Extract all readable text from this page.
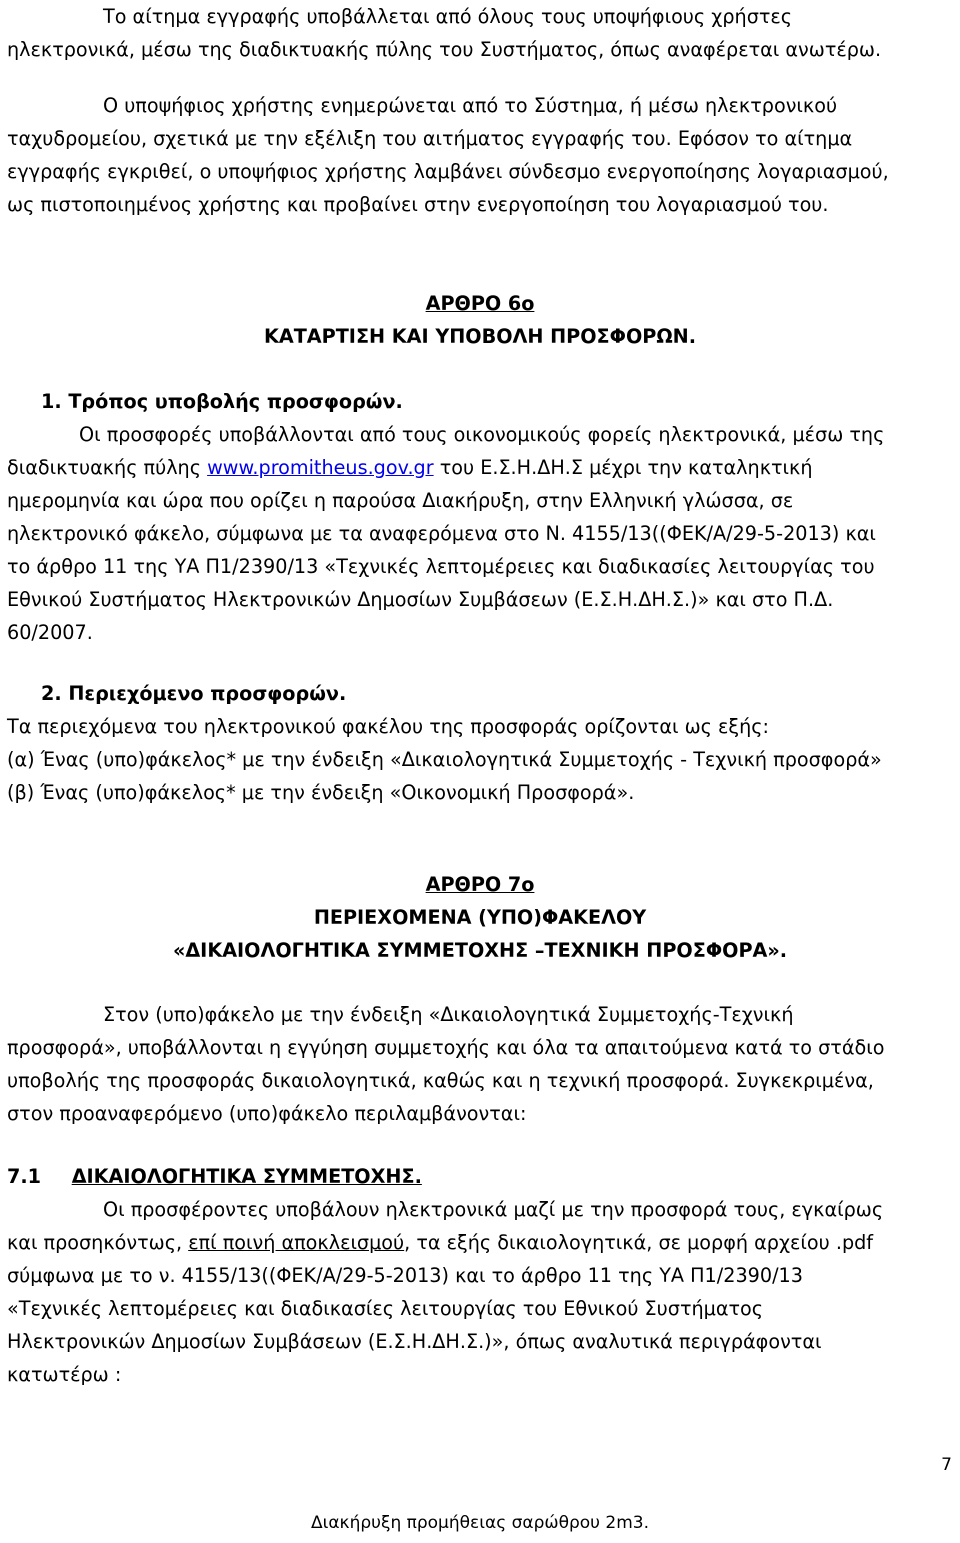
Το αίτημα εγγραφής υποβάλλεται από όλους τους υποψήφιους χρήστες

ηλεκτρονικά, μέσω της διαδικτυακής πύλης του Συστήματος, όπως αναφέρεται ανωτέρω.

Ο υποψήφιος χρήστης ενημερώνεται από το Σύστημα, ή μέσω ηλεκτρονικού

ταχυδρομείου, σχετικά με την εξέλιξη του αιτήματος εγγραφής του. Εφόσον το αίτημα

εγγραφής εγκριθεί, ο υποψήφιος χρήστης λαμβάνει σύνδεσμο ενεργοποίησης λογαριασμού,

ως πιστοποιημένος χρήστης και προβαίνει στην ενεργοποίηση του λογαριασμού του.

ΑΡΘΡΟ 6ο

ΚΑΤΑΡΤΙΣΗ ΚΑΙ ΥΠΟΒΟΛΗ ΠΡΟΣΦΟΡΩΝ.

1. Τρόπος υποβολής προσφορών.

Οι προσφορές υποβάλλονται από τους οικονομικούς φορείς ηλεκτρονικά, μέσω της

διαδικτυακής πύλης www.promitheus.gov.gr του Ε.Σ.Η.ΔΗ.Σ μέχρι την καταληκτική

ημερομηνία και ώρα που ορίζει η παρούσα Διακήρυξη, στην Ελληνική γλώσσα, σε

ηλεκτρονικό φάκελο, σύμφωνα με τα αναφερόμενα στο Ν. 4155/13((ΦΕΚ/Α/29-5-2013) και

το άρθρο 11 της ΥΑ Π1/2390/13 «Τεχνικές λεπτομέρειες και διαδικασίες λειτουργίας του

Εθνικού Συστήματος Ηλεκτρονικών Δημοσίων Συμβάσεων (Ε.Σ.Η.ΔΗ.Σ.)» και στο Π.Δ.

60/2007.

2. Περιεχόμενο προσφορών.

Τα περιεχόμενα του ηλεκτρονικού φακέλου της προσφοράς ορίζονται ως εξής:

(α) Ένας (υπο)φάκελος* με την ένδειξη «Δικαιολογητικά Συμμετοχής - Τεχνική προσφορά»

(β) Ένας (υπο)φάκελος* με την ένδειξη «Οικονομική Προσφορά».

ΑΡΘΡΟ 7ο

ΠΕΡΙΕΧΟΜΕΝΑ (ΥΠΟ)ΦΑΚΕΛΟΥ

«ΔΙΚΑΙΟΛΟΓΗΤΙΚΑ ΣΥΜΜΕΤΟΧΗΣ –ΤΕΧΝΙΚΗ ΠΡΟΣΦΟΡΑ».

Στον (υπο)φάκελο με την ένδειξη «Δικαιολογητικά Συμμετοχής-Τεχνική

προσφορά», υποβάλλονται η εγγύηση συμμετοχής και όλα τα απαιτούμενα κατά το στάδιο

υποβολής της προσφοράς δικαιολογητικά, καθώς και η τεχνική προσφορά. Συγκεκριμένα,

στον προαναφερόμενο (υπο)φάκελο περιλαμβάνονται:

7.1 ΔΙΚΑΙΟΛΟΓΗΤΙΚΑ ΣΥΜΜΕΤΟΧΗΣ.

Οι προσφέροντες υποβάλουν ηλεκτρονικά μαζί με την προσφορά τους, εγκαίρως

και προσηκόντως, επί ποινή αποκλεισμού, τα εξής δικαιολογητικά, σε μορφή αρχείου .pdf

σύμφωνα με το ν. 4155/13((ΦΕΚ/Α/29-5-2013) και το άρθρο 11 της ΥΑ Π1/2390/13

«Τεχνικές λεπτομέρειες και διαδικασίες λειτουργίας του Εθνικού Συστήματος

Ηλεκτρονικών Δημοσίων Συμβάσεων (Ε.Σ.Η.ΔΗ.Σ.)», όπως αναλυτικά περιγράφονται

κατωτέρω :

7
Διακήρυξη προμήθειας σαρώθρου 2m3.
